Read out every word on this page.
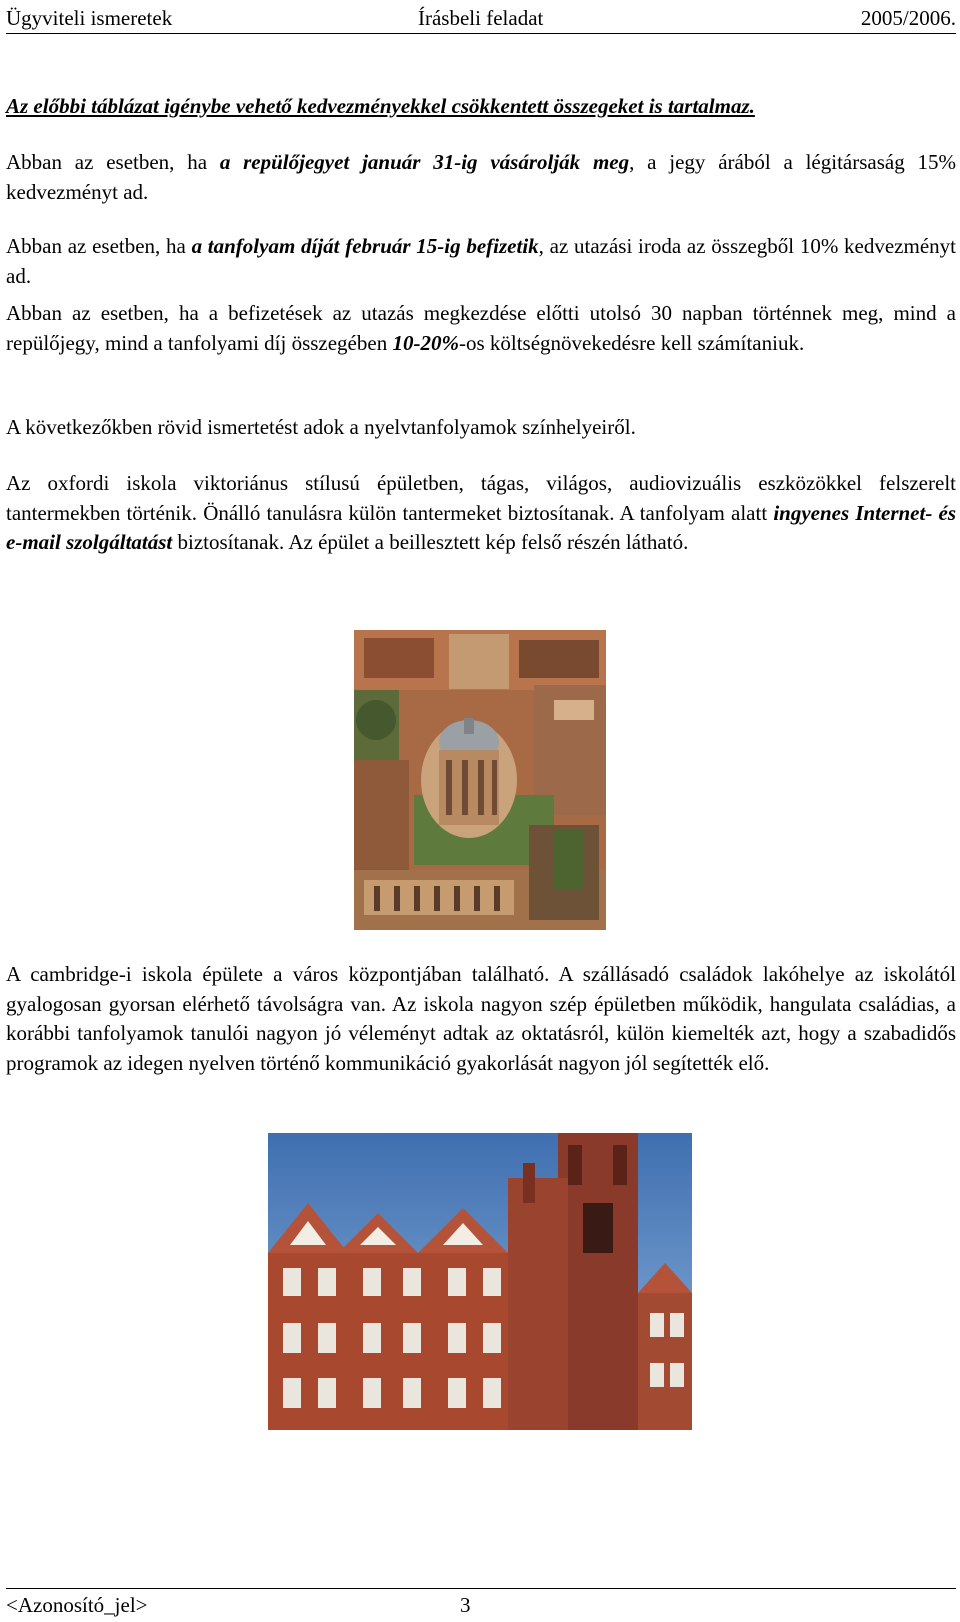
Ügyviteli ismeretek	Írásbeli feladat	2005/2006.

Az előbbi táblázat igénybe vehető kedvezményekkel csökkentett összegeket is tartalmaz.

Abban az esetben, ha a repülőjegyet január 31-ig vásárolják meg, a jegy árából a légitársaság 15% kedvezményt ad.

Abban az esetben, ha a tanfolyam díját február 15-ig befizetik, az utazási iroda az összegből 10% kedvezményt ad.

Abban az esetben, ha a befizetések az utazás megkezdése előtti utolsó 30 napban történnek meg, mind a repülőjegy, mind a tanfolyami díj összegében 10-20%-os költségnövekedésre kell számítaniuk.

A következőkben rövid ismertetést adok a nyelvtanfolyamok színhelyeiről.

Az oxfordi iskola viktoriánus stílusú épületben, tágas, világos, audiovizuális eszközökkel felszerelt tantermekben történik. Önálló tanulásra külön tantermeket biztosítanak. A tanfolyam alatt ingyenes Internet- és e-mail szolgáltatást biztosítanak. Az épület a beillesztett kép felső részén látható.

A cambridge-i iskola épülete a város központjában található. A szállásadó családok lakóhelye az iskolától gyalogosan gyorsan elérhető távolságra van. Az iskola nagyon szép épületben működik, hangulata családias, a korábbi tanfolyamok tanulói nagyon jó véleményt adtak az oktatásról, külön kiemelték azt, hogy a szabadidős programok az idegen nyelven történő kommunikáció gyakorlását nagyon jól segítették elő.

<Azonosító_jel>	3
